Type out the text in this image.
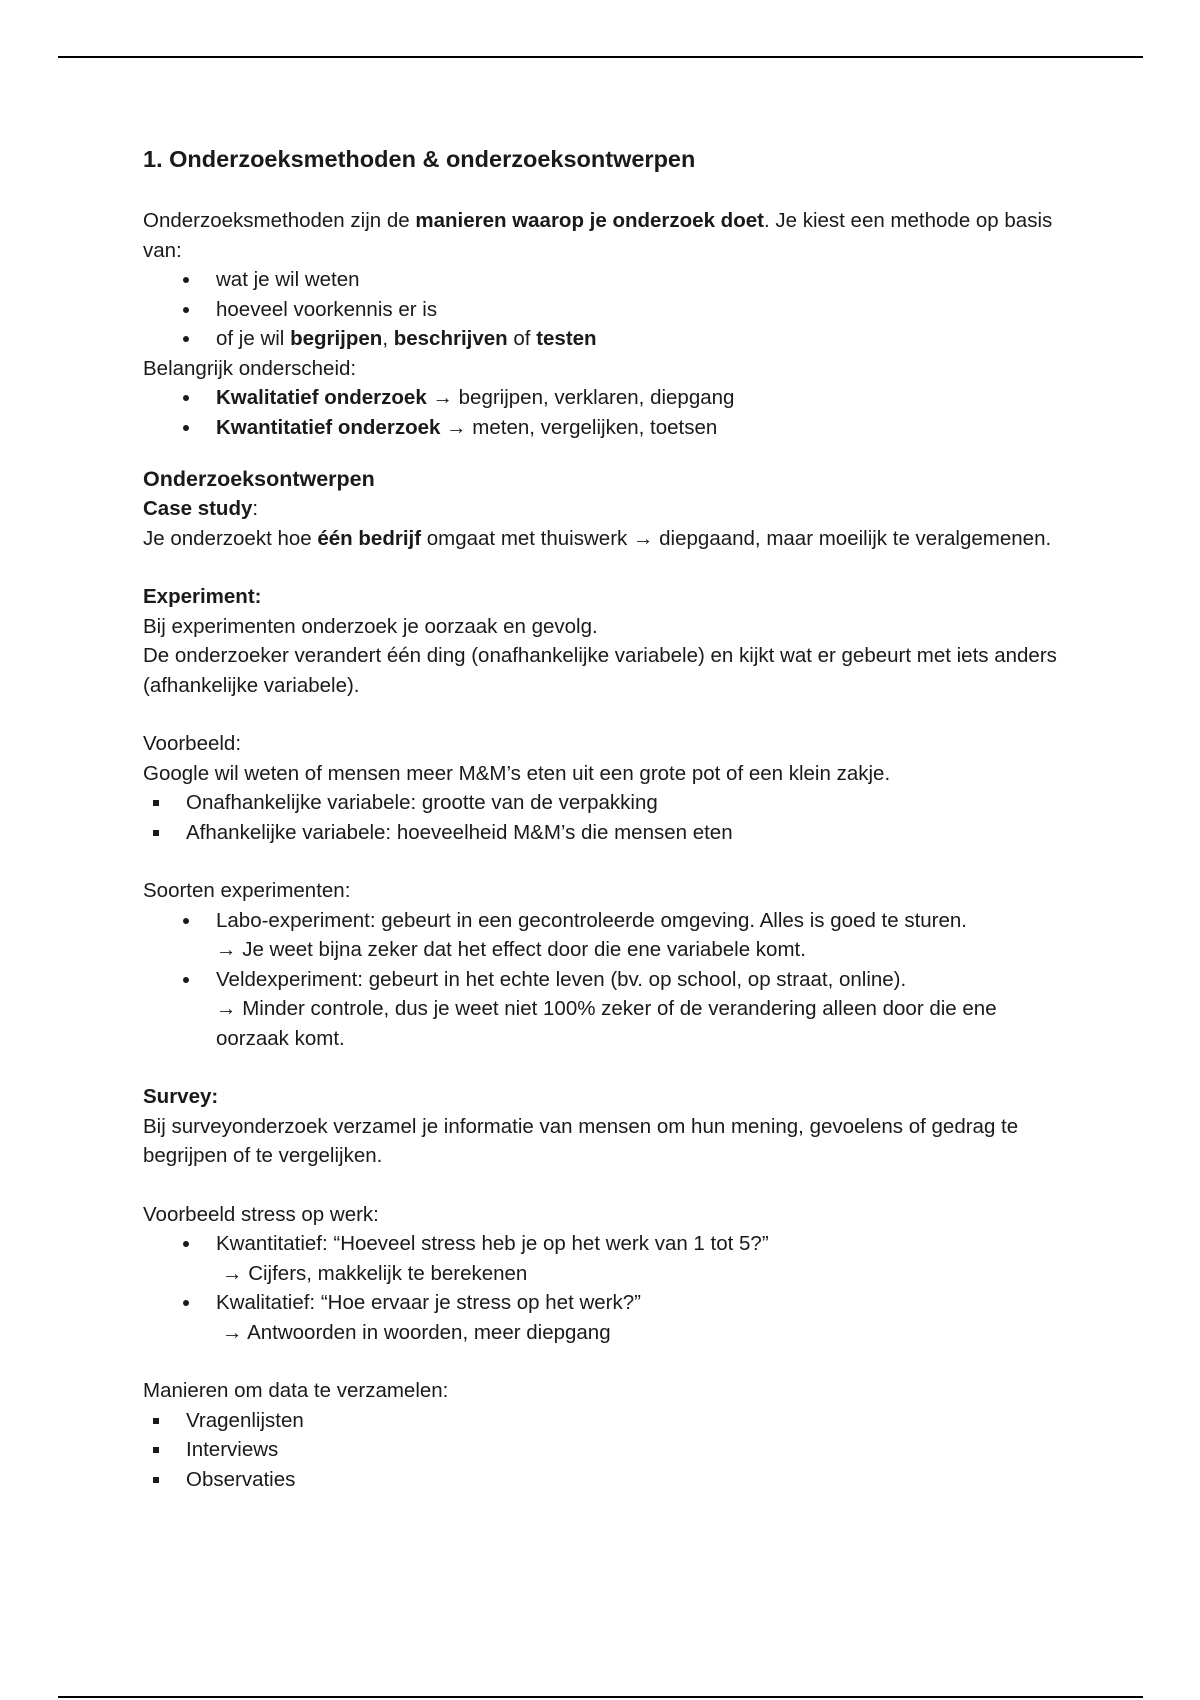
1. Onderzoeksmethoden & onderzoeksontwerpen

Onderzoeksmethoden zijn de manieren waarop je onderzoek doet. Je kiest een methode op basis van:

wat je wil weten
hoeveel voorkennis er is
of je wil begrijpen, beschrijven of testen

Belangrijk onderscheid:

Kwalitatief onderzoek → begrijpen, verklaren, diepgang
Kwantitatief onderzoek → meten, vergelijken, toetsen
Onderzoeksontwerpen

Case study:

Je onderzoekt hoe één bedrijf omgaat met thuiswerk → diepgaand, maar moeilijk te veralgemenen.

Experiment:

Bij experimenten onderzoek je oorzaak en gevolg.

De onderzoeker verandert één ding (onafhankelijke variabele) en kijkt wat er gebeurt met iets anders (afhankelijke variabele).

Voorbeeld:

Google wil weten of mensen meer M&M’s eten uit een grote pot of een klein zakje.

Onafhankelijke variabele: grootte van de verpakking
Afhankelijke variabele: hoeveelheid M&M’s die mensen eten

Soorten experimenten:

Labo-experiment: gebeurt in een gecontroleerde omgeving. Alles is goed te sturen.
→ Je weet bijna zeker dat het effect door die ene variabele komt.
Veldexperiment: gebeurt in het echte leven (bv. op school, op straat, online).
→ Minder controle, dus je weet niet 100% zeker of de verandering alleen door die ene oorzaak komt.

Survey:

Bij surveyonderzoek verzamel je informatie van mensen om hun mening, gevoelens of gedrag te begrijpen of te vergelijken.

Voorbeeld stress op werk:

Kwantitatief: “Hoeveel stress heb je op het werk van 1 tot 5?”
→ Cijfers, makkelijk te berekenen
Kwalitatief: “Hoe ervaar je stress op het werk?”
→ Antwoorden in woorden, meer diepgang

Manieren om data te verzamelen:

Vragenlijsten
Interviews
Observaties
